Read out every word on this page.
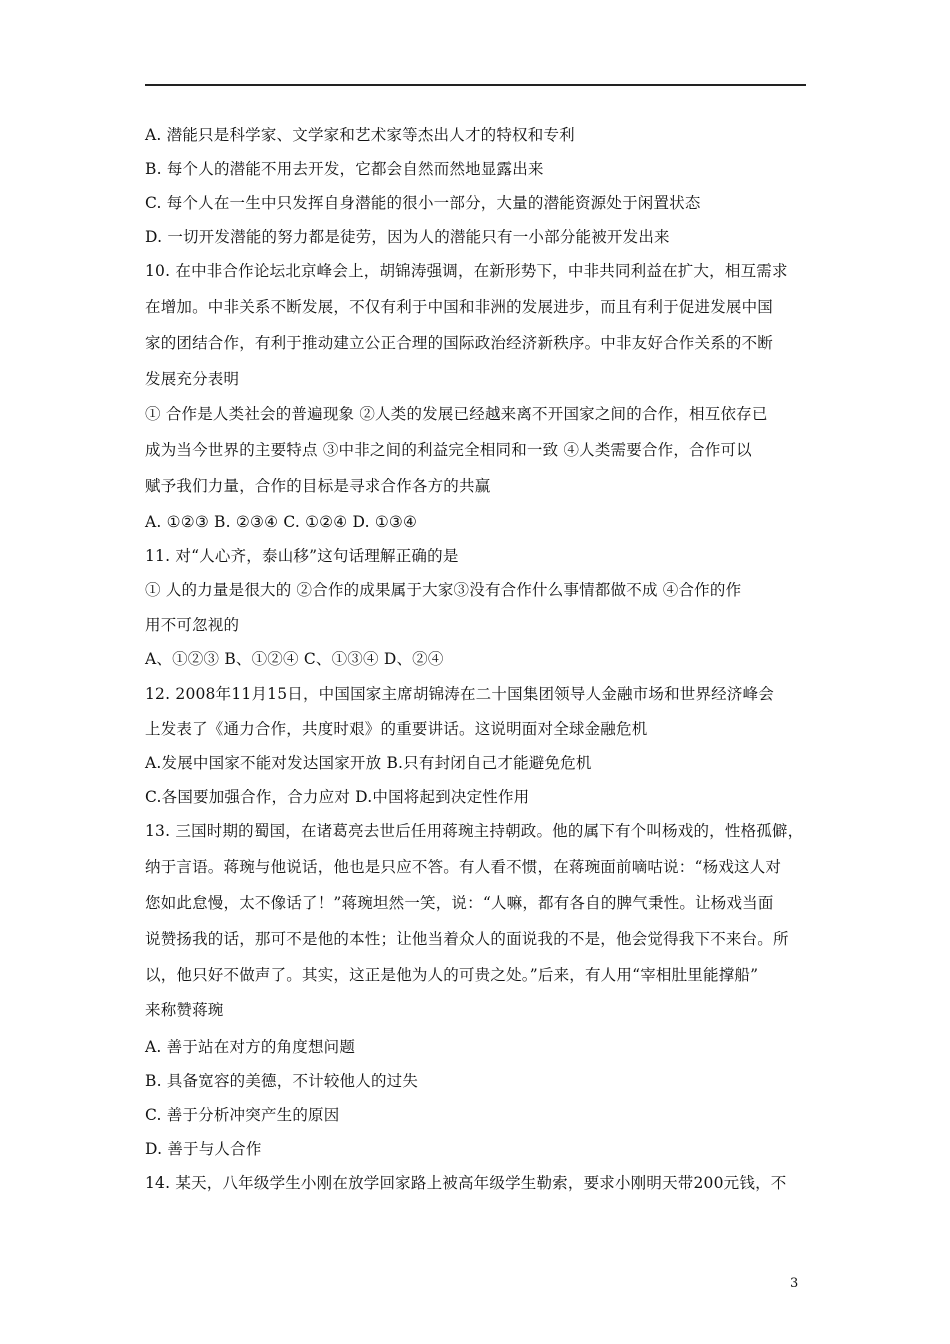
A. 潜能只是科学家、文学家和艺术家等杰出人才的特权和专利
B. 每个人的潜能不用去开发，它都会自然而然地显露出来
C. 每个人在一生中只发挥自身潜能的很小一部分，大量的潜能资源处于闲置状态
D. 一切开发潜能的努力都是徒劳，因为人的潜能只有一小部分能被开发出来
10. 在中非合作论坛北京峰会上，胡锦涛强调，在新形势下，中非共同利益在扩大，相互需求
在增加。中非关系不断发展，不仅有利于中国和非洲的发展进步，而且有利于促进发展中国
家的团结合作，有利于推动建立公正合理的国际政治经济新秩序。中非友好合作关系的不断
发展充分表明
① 合作是人类社会的普遍现象 ②人类的发展已经越来离不开国家之间的合作，相互依存已
成为当今世界的主要特点 ③中非之间的利益完全相同和一致 ④人类需要合作，合作可以
赋予我们力量，合作的目标是寻求合作各方的共赢
A. ①②③ B. ②③④ C. ①②④ D. ①③④
11. 对“人心齐，泰山移”这句话理解正确的是
① 人的力量是很大的 ②合作的成果属于大家③没有合作什么事情都做不成 ④合作的作
用不可忽视的
A、①②③ B、①②④ C、①③④ D、②④
12. 2008年11月15日，中国国家主席胡锦涛在二十国集团领导人金融市场和世界经济峰会
上发表了《通力合作，共度时艰》的重要讲话。这说明面对全球金融危机
A.发展中国家不能对发达国家开放 B.只有封闭自己才能避免危机
C.各国要加强合作，合力应对 D.中国将起到决定性作用
13. 三国时期的蜀国，在诸葛亮去世后任用蒋琬主持朝政。他的属下有个叫杨戏的，性格孤僻，
纳于言语。蒋琬与他说话，他也是只应不答。有人看不惯，在蒋琬面前嘀咕说：“杨戏这人对
您如此怠慢，太不像话了！”蒋琬坦然一笑，说：“人嘛，都有各自的脾气秉性。让杨戏当面
说赞扬我的话，那可不是他的本性；让他当着众人的面说我的不是，他会觉得我下不来台。所
以，他只好不做声了。其实，这正是他为人的可贵之处。”后来，有人用“宰相肚里能撑船”
来称赞蒋琬
A. 善于站在对方的角度想问题
B. 具备宽容的美德，不计较他人的过失
C. 善于分析冲突产生的原因
D. 善于与人合作
14. 某天，八年级学生小刚在放学回家路上被高年级学生勒索，要求小刚明天带200元钱，不
3
